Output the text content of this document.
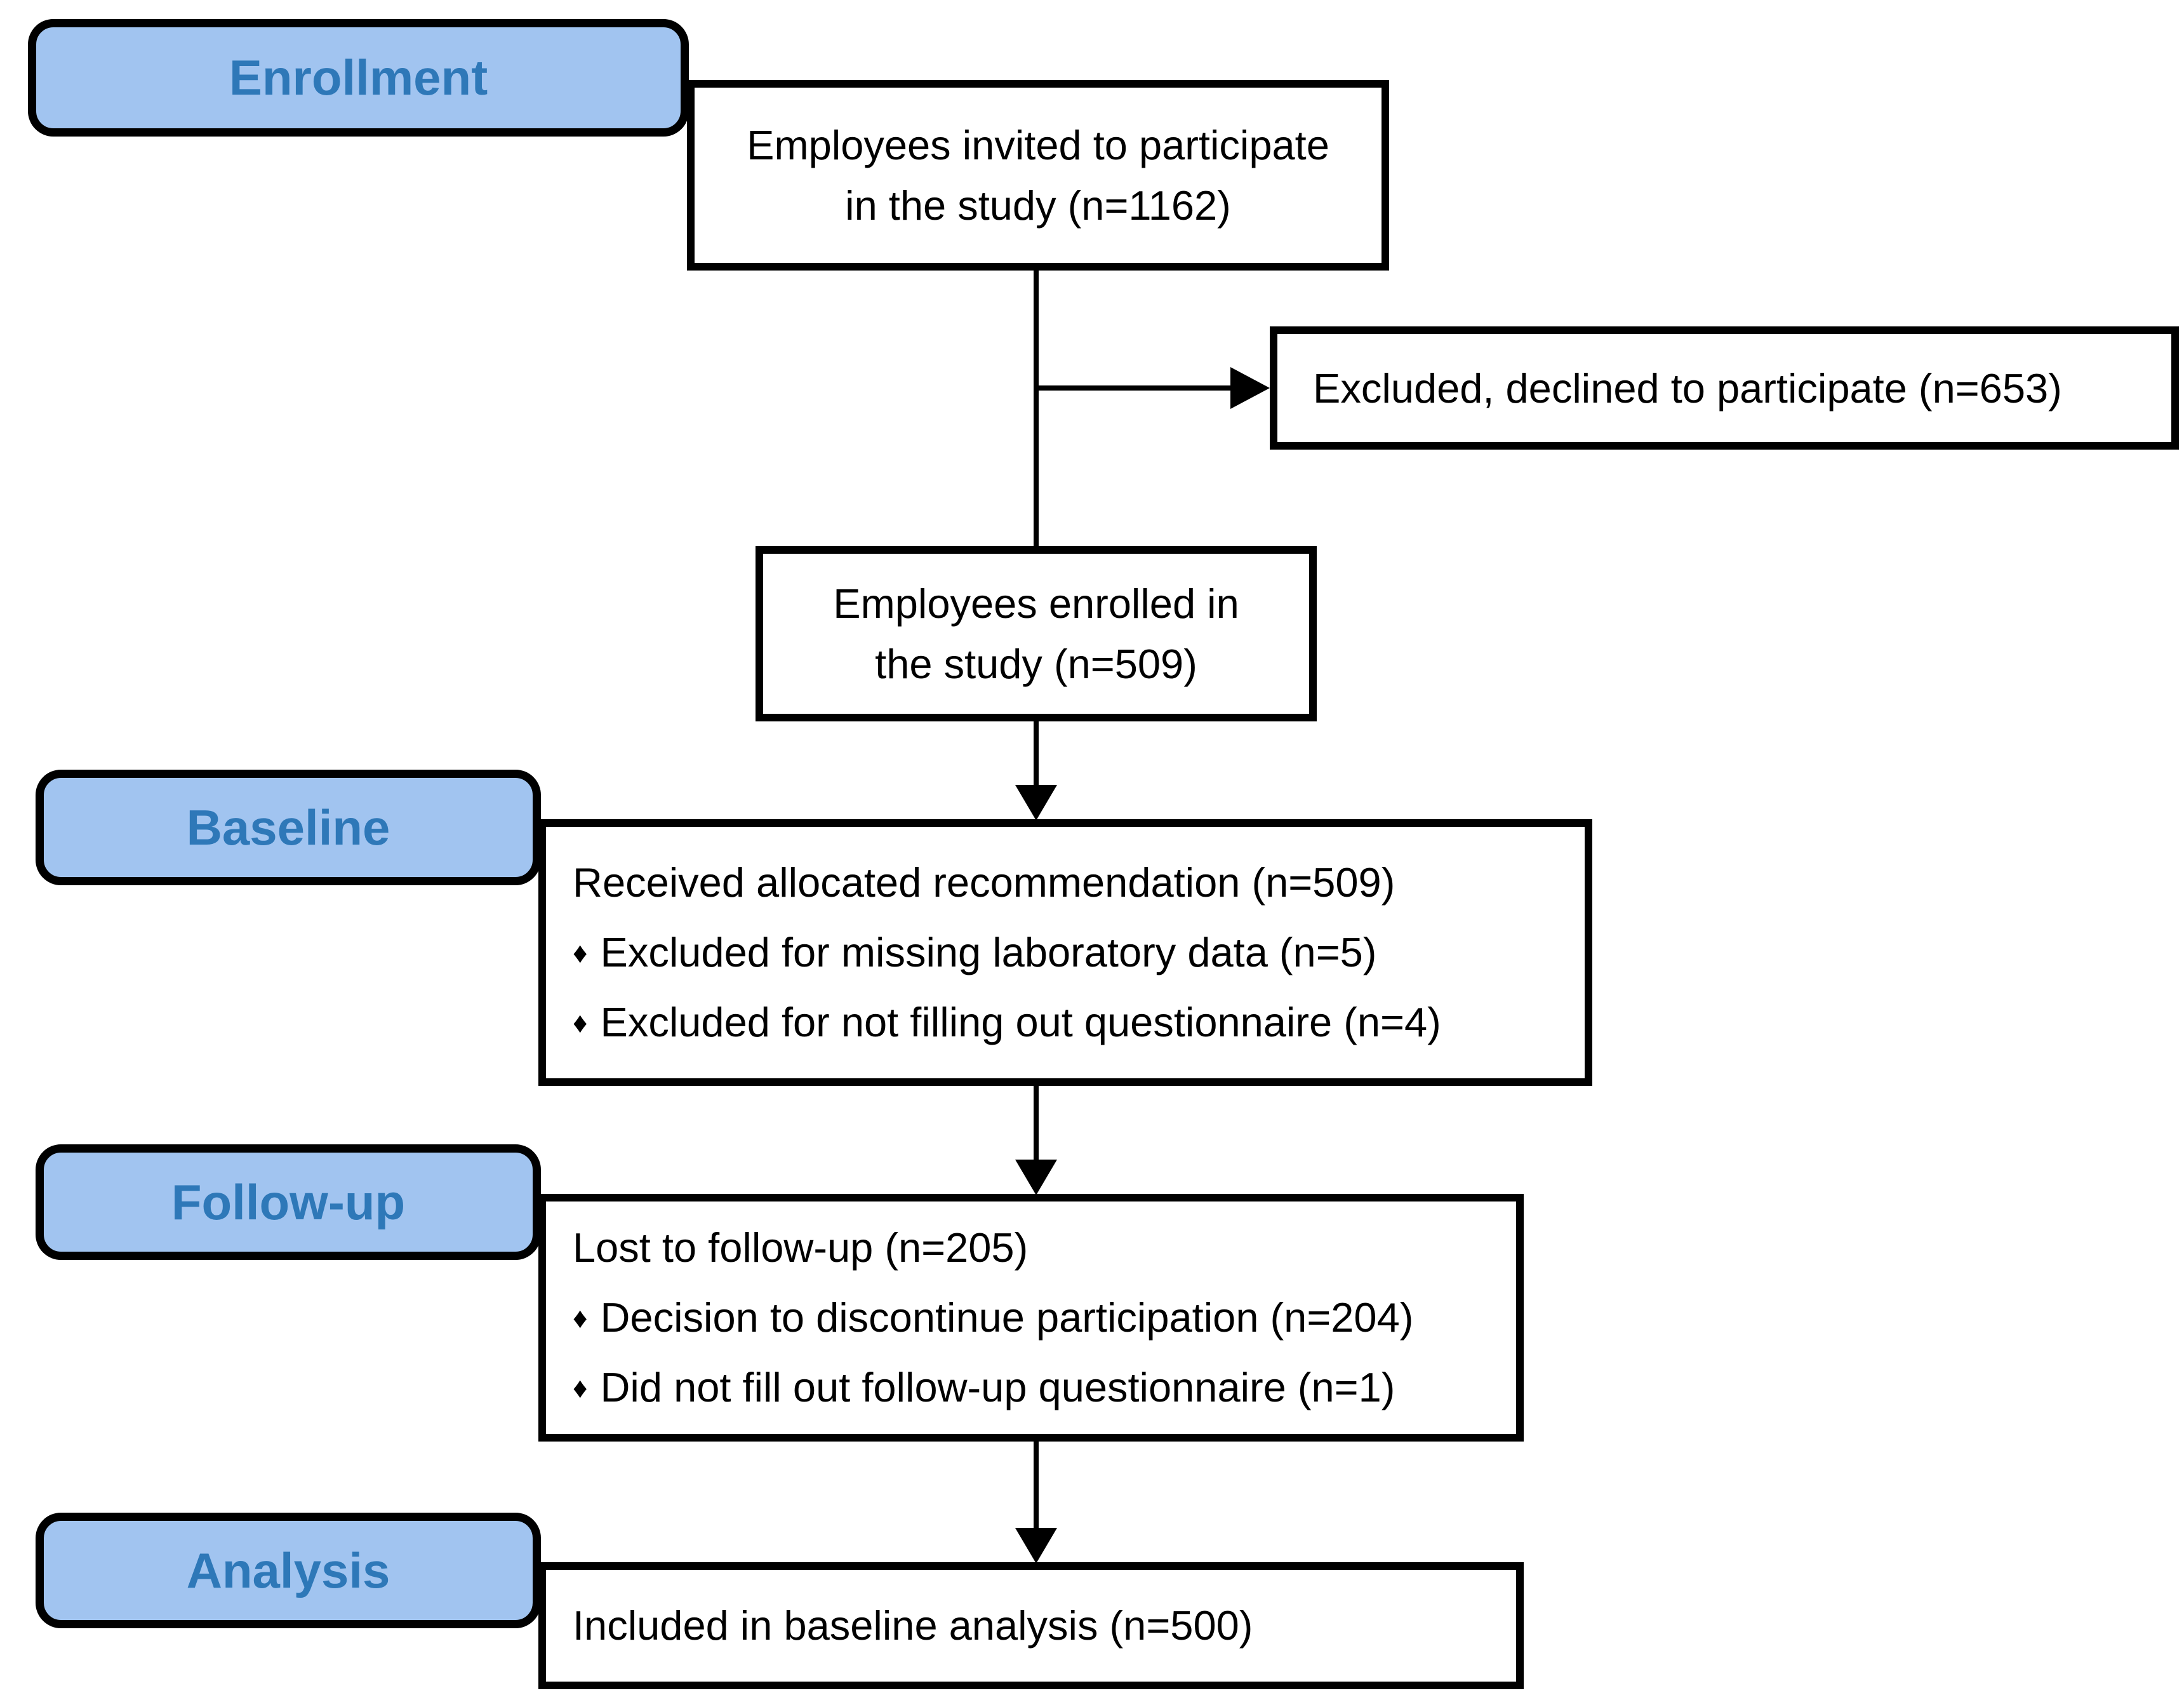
Enrollment
Baseline
Follow-up
Analysis
Employees invited to participate
in the study (n=1162)
Excluded, declined to participate (n=653)
Employees enrolled in
the study (n=509)
Received allocated recommendation (n=509)
♦ Excluded for missing laboratory data (n=5)
♦ Excluded for not filling out questionnaire (n=4)
Lost to follow-up (n=205)
♦ Decision to discontinue participation (n=204)
♦ Did not fill out follow-up questionnaire (n=1)
Included in baseline analysis (n=500)
